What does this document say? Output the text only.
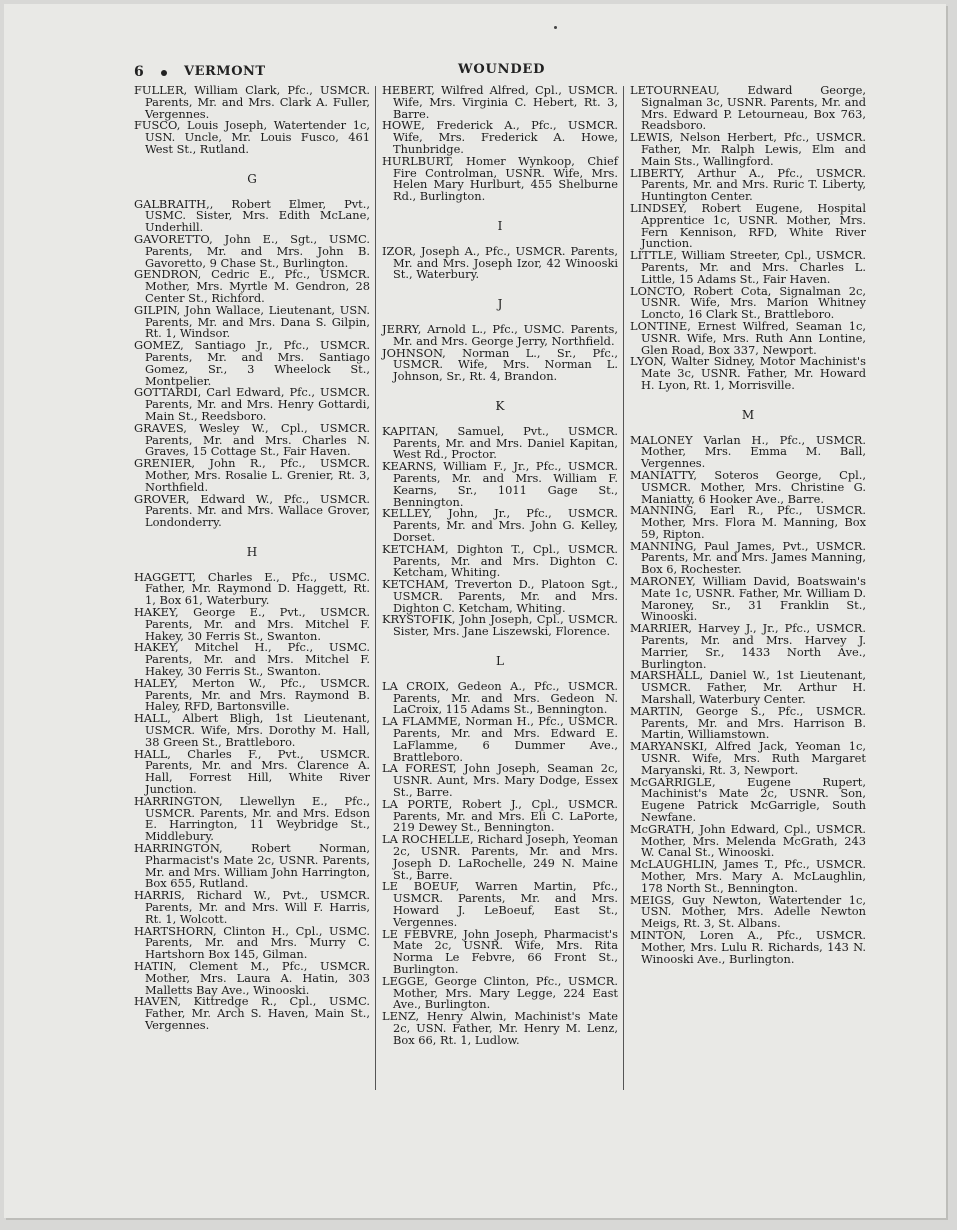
6	VERMONT	WOUNDED
FULLER, William Clark, Pfc., USMCR. Parents, Mr. and Mrs. Clark A. Fuller, Vergennes.
FUSCO, Louis Joseph, Watertender 1c, USN. Uncle, Mr. Louis Fusco, 461 West St., Rutland.
G
GALBRAITH,, Robert Elmer, Pvt., USMC. Sister, Mrs. Edith McLane, Underhill.
GAVORETTO, John E., Sgt., USMC. Parents, Mr. and Mrs. John B. Gavoretto, 9 Chase St., Burlington.
GENDRON, Cedric E., Pfc., USMCR. Mother, Mrs. Myrtle M. Gendron, 28 Center St., Richford.
GILPIN, John Wallace, Lieutenant, USN. Parents, Mr. and Mrs. Dana S. Gilpin, Rt. 1, Windsor.
GOMEZ, Santiago Jr., Pfc., USMCR. Parents, Mr. and Mrs. Santiago Gomez, Sr., 3 Wheelock St., Montpelier.
GOTTARDI, Carl Edward, Pfc., USMCR. Parents, Mr. and Mrs. Henry Gottardi, Main St., Reedsboro.
GRAVES, Wesley W., Cpl., USMCR. Parents, Mr. and Mrs. Charles N. Graves, 15 Cottage St., Fair Haven.
GRENIER, John R., Pfc., USMCR. Mother, Mrs. Rosalie L. Grenier, Rt. 3, Northfield.
GROVER, Edward W., Pfc., USMCR. Parents. Mr. and Mrs. Wallace Grover, Londonderry.
H
HAGGETT, Charles E., Pfc., USMC. Father, Mr. Raymond D. Haggett, Rt. 1, Box 61, Waterbury.
HAKEY, George E., Pvt., USMCR. Parents, Mr. and Mrs. Mitchel F. Hakey, 30 Ferris St., Swanton.
HAKEY, Mitchel H., Pfc., USMC. Parents, Mr. and Mrs. Mitchel F. Hakey, 30 Ferris St., Swanton.
HALEY, Merton W., Pfc., USMCR. Parents, Mr. and Mrs. Raymond B. Haley, RFD, Bartonsville.
HALL, Albert Bligh, 1st Lieutenant, USMCR. Wife, Mrs. Dorothy M. Hall, 38 Green St., Brattleboro.
HALL, Charles F., Pvt., USMCR. Parents, Mr. and Mrs. Clarence A. Hall, Forrest Hill, White River Junction.
HARRINGTON, Llewellyn E., Pfc., USMCR. Parents, Mr. and Mrs. Edson E. Harrington, 11 Weybridge St., Middlebury.
HARRINGTON, Robert Norman, Pharmacist's Mate 2c, USNR. Parents, Mr. and Mrs. William John Harrington, Box 655, Rutland.
HARRIS, Richard W., Pvt., USMCR. Parents, Mr. and Mrs. Will F. Harris, Rt. 1, Wolcott.
HARTSHORN, Clinton H., Cpl., USMC. Parents, Mr. and Mrs. Murry C. Hartshorn Box 145, Gilman.
HATIN, Clement M., Pfc., USMCR. Mother, Mrs. Laura A. Hatin, 303 Malletts Bay Ave., Winooski.
HAVEN, Kittredge R., Cpl., USMC. Father, Mr. Arch S. Haven, Main St., Vergennes.
HEBERT, Wilfred Alfred, Cpl., USMCR. Wife, Mrs. Virginia C. Hebert, Rt. 3, Barre.
HOWE, Frederick A., Pfc., USMCR. Wife, Mrs. Frederick A. Howe, Thunbridge.
HURLBURT, Homer Wynkoop, Chief Fire Controlman, USNR. Wife, Mrs. Helen Mary Hurlburt, 455 Shelburne Rd., Burlington.
I
IZOR, Joseph A., Pfc., USMCR. Parents, Mr. and Mrs. Joseph Izor, 42 Winooski St., Waterbury.
J
JERRY, Arnold L., Pfc., USMC. Parents, Mr. and Mrs. George Jerry, Northfield.
JOHNSON, Norman L., Sr., Pfc., USMCR. Wife, Mrs. Norman L. Johnson, Sr., Rt. 4, Brandon.
K
KAPITAN, Samuel, Pvt., USMCR. Parents, Mr. and Mrs. Daniel Kapitan, West Rd., Proctor.
KEARNS, William F., Jr., Pfc., USMCR. Parents, Mr. and Mrs. William F. Kearns, Sr., 1011 Gage St., Bennington.
KELLEY, John, Jr., Pfc., USMCR. Parents, Mr. and Mrs. John G. Kelley, Dorset.
KETCHAM, Dighton T., Cpl., USMCR. Parents, Mr. and Mrs. Dighton C. Ketcham, Whiting.
KETCHAM, Treverton D., Platoon Sgt., USMCR. Parents, Mr. and Mrs. Dighton C. Ketcham, Whiting.
KRYSTOFIK, John Joseph, Cpl., USMCR. Sister, Mrs. Jane Liszewski, Florence.
L
LA CROIX, Gedeon A., Pfc., USMCR. Parents, Mr. and Mrs. Gedeon N. LaCroix, 115 Adams St., Bennington.
LA FLAMME, Norman H., Pfc., USMCR. Parents, Mr. and Mrs. Edward E. LaFlamme, 6 Dummer Ave., Brattleboro.
LA FOREST, John Joseph, Seaman 2c, USNR. Aunt, Mrs. Mary Dodge, Essex St., Barre.
LA PORTE, Robert J., Cpl., USMCR. Parents, Mr. and Mrs. Eli C. LaPorte, 219 Dewey St., Bennington.
LA ROCHELLE, Richard Joseph, Yeoman 2c, USNR. Parents, Mr. and Mrs. Joseph D. LaRochelle, 249 N. Maine St., Barre.
LE BOEUF, Warren Martin, Pfc., USMCR. Parents, Mr. and Mrs. Howard J. LeBoeuf, East St., Vergennes.
LE FEBVRE, John Joseph, Pharmacist's Mate 2c, USNR. Wife, Mrs. Rita Norma Le Febvre, 66 Front St., Burlington.
LEGGE, George Clinton, Pfc., USMCR. Mother, Mrs. Mary Legge, 224 East Ave., Burlington.
LENZ, Henry Alwin, Machinist's Mate 2c, USN. Father, Mr. Henry M. Lenz, Box 66, Rt. 1, Ludlow.
LETOURNEAU, Edward George, Signalman 3c, USNR. Parents, Mr. and Mrs. Edward P. Letourneau, Box 763, Readsboro.
LEWIS, Nelson Herbert, Pfc., USMCR. Father, Mr. Ralph Lewis, Elm and Main Sts., Wallingford.
LIBERTY, Arthur A., Pfc., USMCR. Parents, Mr. and Mrs. Ruric T. Liberty, Huntington Center.
LINDSEY, Robert Eugene, Hospital Apprentice 1c, USNR. Mother, Mrs. Fern Kennison, RFD, White River Junction.
LITTLE, William Streeter, Cpl., USMCR. Parents, Mr. and Mrs. Charles L. Little, 15 Adams St., Fair Haven.
LONCTO, Robert Cota, Signalman 2c, USNR. Wife, Mrs. Marion Whitney Loncto, 16 Clark St., Brattleboro.
LONTINE, Ernest Wilfred, Seaman 1c, USNR. Wife, Mrs. Ruth Ann Lontine, Glen Road, Box 337, Newport.
LYON, Walter Sidney, Motor Machinist's Mate 3c, USNR. Father, Mr. Howard H. Lyon, Rt. 1, Morrisville.
M
MALONEY Varlan H., Pfc., USMCR. Mother, Mrs. Emma M. Ball, Vergennes.
MANIATTY, Soteros George, Cpl., USMCR. Mother, Mrs. Christine G. Maniatty, 6 Hooker Ave., Barre.
MANNING, Earl R., Pfc., USMCR. Mother, Mrs. Flora M. Manning, Box 59, Ripton.
MANNING, Paul James, Pvt., USMCR. Parents, Mr. and Mrs. James Manning, Box 6, Rochester.
MARONEY, William David, Boatswain's Mate 1c, USNR. Father, Mr. William D. Maroney, Sr., 31 Franklin St., Winooski.
MARRIER, Harvey J., Jr., Pfc., USMCR. Parents, Mr. and Mrs. Harvey J. Marrier, Sr., 1433 North Ave., Burlington.
MARSHALL, Daniel W., 1st Lieutenant, USMCR. Father, Mr. Arthur H. Marshall, Waterbury Center.
MARTIN, George S., Pfc., USMCR. Parents, Mr. and Mrs. Harrison B. Martin, Williamstown.
MARYANSKI, Alfred Jack, Yeoman 1c, USNR. Wife, Mrs. Ruth Margaret Maryanski, Rt. 3, Newport.
McGARRIGLE, Eugene Rupert, Machinist's Mate 2c, USNR. Son, Eugene Patrick McGarrigle, South Newfane.
McGRATH, John Edward, Cpl., USMCR. Mother, Mrs. Melenda McGrath, 243 W. Canal St., Winooski.
McLAUGHLIN, James T., Pfc., USMCR. Mother, Mrs. Mary A. McLaughlin, 178 North St., Bennington.
MEIGS, Guy Newton, Watertender 1c, USN. Mother, Mrs. Adelle Newton Meigs, Rt. 3, St. Albans.
MINTON, Loren A., Pfc., USMCR. Mother, Mrs. Lulu R. Richards, 143 N. Winooski Ave., Burlington.
